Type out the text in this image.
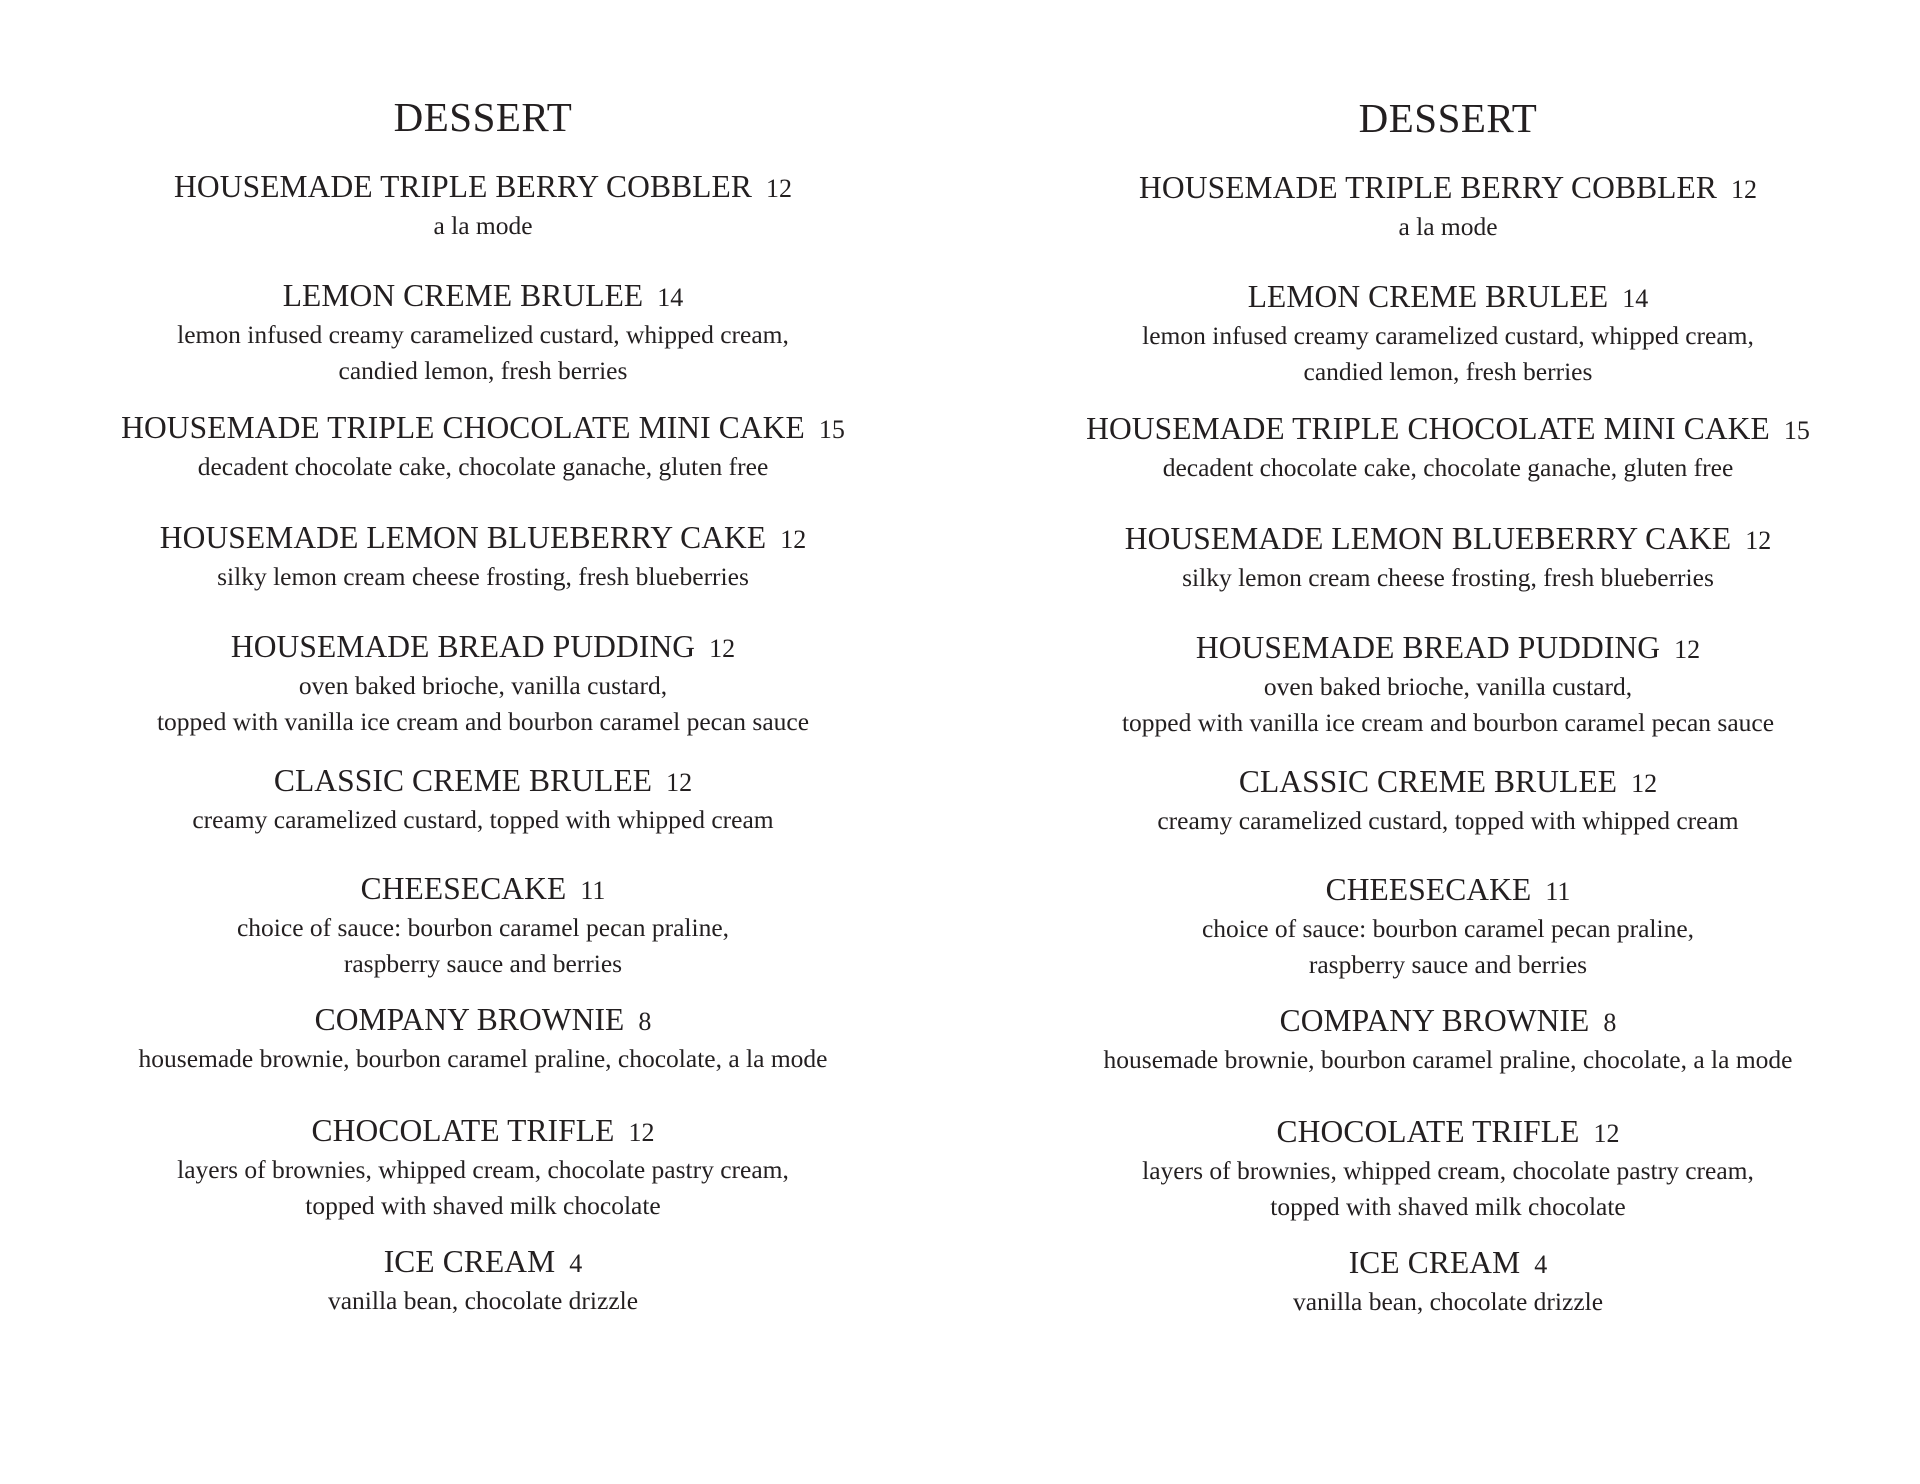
DESSERT
HOUSEMADE TRIPLE BERRY COBBLER 12
a la mode
LEMON CREME BRULEE 14
lemon infused creamy caramelized custard, whipped cream,
candied lemon, fresh berries
HOUSEMADE TRIPLE CHOCOLATE MINI CAKE 15
decadent chocolate cake, chocolate ganache, gluten free
HOUSEMADE LEMON BLUEBERRY CAKE 12
silky lemon cream cheese frosting, fresh blueberries
HOUSEMADE BREAD PUDDING 12
oven baked brioche, vanilla custard,
topped with vanilla ice cream and bourbon caramel pecan sauce
CLASSIC CREME BRULEE 12
creamy caramelized custard, topped with whipped cream
CHEESECAKE 11
choice of sauce: bourbon caramel pecan praline,
raspberry sauce and berries
COMPANY BROWNIE 8
housemade brownie, bourbon caramel praline, chocolate, a la mode
CHOCOLATE TRIFLE 12
layers of brownies, whipped cream, chocolate pastry cream,
topped with shaved milk chocolate
ICE CREAM 4
vanilla bean, chocolate drizzle
DESSERT
HOUSEMADE TRIPLE BERRY COBBLER 12
a la mode
LEMON CREME BRULEE 14
lemon infused creamy caramelized custard, whipped cream,
candied lemon, fresh berries
HOUSEMADE TRIPLE CHOCOLATE MINI CAKE 15
decadent chocolate cake, chocolate ganache, gluten free
HOUSEMADE LEMON BLUEBERRY CAKE 12
silky lemon cream cheese frosting, fresh blueberries
HOUSEMADE BREAD PUDDING 12
oven baked brioche, vanilla custard,
topped with vanilla ice cream and bourbon caramel pecan sauce
CLASSIC CREME BRULEE 12
creamy caramelized custard, topped with whipped cream
CHEESECAKE 11
choice of sauce: bourbon caramel pecan praline,
raspberry sauce and berries
COMPANY BROWNIE 8
housemade brownie, bourbon caramel praline, chocolate, a la mode
CHOCOLATE TRIFLE 12
layers of brownies, whipped cream, chocolate pastry cream,
topped with shaved milk chocolate
ICE CREAM 4
vanilla bean, chocolate drizzle
